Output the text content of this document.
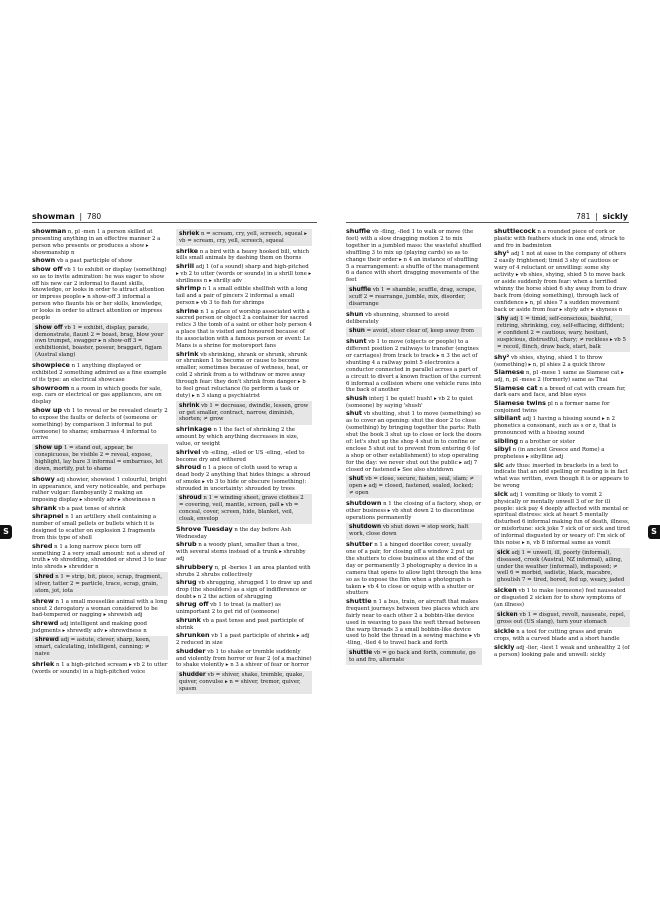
showman  |  780	781  |  sickly
showman n, pl -men 1 a person skilled at presenting anything in an effective manner 2 a person who presents or produces a show ▸ showmanship n
shown vb a past participle of show
show off vb 1 to exhibit or display (something) so as to invite admiration: he was eager to show off his new car 2 informal to flaunt skills, knowledge, or looks in order to attract attention or impress people ▸ n show-off 3 informal a person who flaunts his or her skills, knowledge, or looks in order to attract attention or impress people
show off vb 1 = exhibit, display, parade, demonstrate, flaunt 2 = boast, brag, blow your own trumpet, swagger ▸ n show-off 3 = exhibitionist, boaster, poseur, braggart, figjam (Austral slang)
showpiece n 1 anything displayed or exhibited 2 something admired as a fine example of its type: an electrical showcase
showroom n a room in which goods for sale, esp. cars or electrical or gas appliances, are on display
show up vb 1 to reveal or be revealed clearly 2 to expose the faults or defects of (someone or something) by comparison 3 informal to put (someone) to shame; embarrass 4 informal to arrive
show up 1 = stand out, appear, be conspicuous, be visible 2 = reveal, expose, highlight, lay bare 3 informal = embarrass, let down, mortify, put to shame
showy adj showier, showiest 1 colourful, bright in appearance, and very noticeable, and perhaps rather vulgar: flamboyantly 2 making an imposing display ▸ showily adv ▸ showiness n
shrank vb a past tense of shrink
shrapnel n 1 an artillery shell containing a number of small pellets or bullets which it is designed to scatter on explosion 2 fragments from this type of shell
shred n 1 a long narrow piece torn off something 2 a very small amount: not a shred of truth ▸ vb shredding, shredded or shred 3 to tear into shreds ▸ shredder n
shred n 1 = strip, bit, piece, scrap, fragment, sliver, tatter 2 = particle, trace, scrap, grain, atom, jot, iota
shrew n 1 a small mouselike animal with a long snout 2 derogatory a woman considered to be bad-tempered or nagging ▸ shrewish adj
shrewd adj intelligent and making good judgments ▸ shrewdly adv ▸ shrewdness n
shrewd adj = astute, clever, sharp, keen, smart, calculating, intelligent, cunning; ≠ naive
shriek n 1 a high-pitched scream ▸ vb 2 to utter (words or sounds) in a high-pitched voice
shriek n = scream, cry, yell, screech, squeal ▸ vb = scream, cry, yell, screech, squeal
shrike n a bird with a heavy hooked bill, which kills small animals by dashing them on thorns
shrill adj 1 (of a sound) sharp and high-pitched ▸ vb 2 to utter (words or sounds) in a shrill tone ▸ shrillness n ▸ shrilly adv
shrimp n 1 a small edible shellfish with a long tail and a pair of pincers 2 informal a small person ▸ vb 3 to fish for shrimps
shrine n 1 a place of worship associated with a sacred person or object 2 a container for sacred relics 3 the tomb of a saint or other holy person 4 a place that is visited and honoured because of its association with a famous person or event: Le Mans is a shrine for motorsport fans
shrink vb shrinking, shrank or shrunk, shrunk or shrunken 1 to become or cause to become smaller, sometimes because of wetness, heat, or cold 2 shrink from a to withdraw or move away through fear: they don't shrink from danger ▸ b to feel great reluctance (to perform a task or duty) ▸ n 3 slang a psychiatrist
shrink vb 1 = decrease, dwindle, lessen, grow or get smaller, contract, narrow, diminish, shorten; ≠ grow
shrinkage n 1 the fact of shrinking 2 the amount by which anything decreases in size, value, or weight
shrivel vb -elling, -elled or US -eling, -eled to become dry and withered
shroud n 1 a piece of cloth used to wrap a dead body 2 anything that hides things: a shroud of smoke ▸ vb 3 to hide or obscure (something): shrouded in uncertainty: shrouded by trees
shroud n 1 = winding sheet, grave clothes 2 = covering, veil, mantle, screen, pall ▸ vb = conceal, cover, screen, hide, blanket, veil, cloak, envelop
Shrove Tuesday n the day before Ash Wednesday
shrub n a woody plant, smaller than a tree, with several stems instead of a trunk ▸ shrubby adj
shrubbery n, pl -beries 1 an area planted with shrubs 2 shrubs collectively
shrug vb shrugging, shrugged 1 to draw up and drop (the shoulders) as a sign of indifference or doubt ▸ n 2 the action of shrugging
shrug off vb 1 to treat (a matter) as unimportant 2 to get rid of (someone)
shrunk vb a past tense and past participle of shrink
shrunken vb 1 a past participle of shrink ▸ adj 2 reduced in size
shudder vb 1 to shake or tremble suddenly and violently from horror or fear 2 (of a machine) to shake violently ▸ n 3 a shiver of fear or horror
shudder vb = shiver, shake, tremble, quake, quiver, convulse ▸ n = shiver, tremor, quiver, spasm
shuffle vb -fling, -fled 1 to walk or move (the feet) with a slow dragging motion 2 to mix together in a jumbled mass: the wasteful shuffled shuffling 3 to mix up (playing cards) so as to change their order ▸ n 4 an instance of shuffling 5 a rearrangement: a shuffle of the management 6 a dance with short dragging movements of the feet
shuffle vb 1 = shamble, scuffle, drag, scrape, scuff 2 = rearrange, jumble, mix, disorder, disarrange
shun vb shunning, shunned to avoid deliberately
shun = avoid, steer clear of, keep away from
shunt vb 1 to move (objects or people) to a different position 2 railways to transfer (engines or carriages) from track to track ▸ n 3 the act of shunting 4 a railway point 5 electronics a conductor connected in parallel across a part of a circuit to divert a known fraction of the current 6 informal a collision where one vehicle runs into the back of another
shush interj 1 be quiet! hush! ▸ vb 2 to quiet (someone) by saying 'shush'
shut vb shutting, shut 1 to move (something) so as to cover an opening: shut the door 2 to close (something) by bringing together the parts: Ruth shut the book 3 shut up to close or lock the doors of: let's shut up the shop 4 shut in to confine or enclose 5 shut out to prevent from entering 6 (of a shop or other establishment) to stop operating for the day: we never shut out the public ▸ adj 7 closed or fastened ▸ See also shutdown
shut vb = close, secure, fasten, seal, slam; ≠ open ▸ adj = closed, fastened, sealed, locked; ≠ open
shutdown n 1 the closing of a factory, shop, or other business ▸ vb shut down 2 to discontinue operations permanently
shutdown vb shut down = stop work, halt work, close down
shutter n 1 a hinged doorlike cover, usually one of a pair, for closing off a window 2 put up the shutters to close business at the end of the day or permanently 3 photography a device in a camera that opens to allow light through the lens so as to expose the film when a photograph is taken ▸ vb 4 to close or equip with a shutter or shutters
shuttle n 1 a bus, train, or aircraft that makes frequent journeys between two places which are fairly near to each other 2 a bobbin-like device used in weaving to pass the weft thread between the warp threads 3 a small bobbin-like device used to hold the thread in a sewing machine ▸ vb -tling, -tled 4 to travel back and forth
shuttle vb = go back and forth, commute, go to and fro, alternate
shuttlecock n a rounded piece of cork or plastic with feathers stuck in one end, struck to and fro in badminton
shy¹ adj 1 not at ease in the company of others 2 easily frightened; timid 3 shy of cautious or wary of 4 reluctant or unwilling: some shy activity ▸ vb shies, shying, shied 5 to move back or aside suddenly from fear: when a terrified whinny the horse shied 6 shy away from to draw back from (doing something), through lack of confidence ▸ n, pl shies 7 a sudden movement back or aside from fear ▸ shyly adv ▸ shyness n
shy adj 1 = timid, self-conscious, bashful, retiring, shrinking, coy, self-effacing, diffident; ≠ confident 2 = cautious, wary, hesitant, suspicious, distrustful, chary; ≠ reckless ▸ vb 5 = recoil, flinch, draw back, start, balk
shy² vb shies, shying, shied 1 to throw (something) ▸ n, pl shies 2 a quick throw
Siamese n, pl -mese 1 same as Siamese cat ▸ adj, n, pl -mese 2 (formerly) same as Thai
Siamese cat n a breed of cat with cream fur, dark ears and face, and blue eyes
Siamese twins pl n a former name for conjoined twins
sibilant adj 1 having a hissing sound ▸ n 2 phonetics a consonant, such as s or z, that is pronounced with a hissing sound
sibling n a brother or sister
sibyl n (in ancient Greece and Rome) a prophetess ▸ sibylline adj
sic adv thus: inserted in brackets in a text to indicate that an odd spelling or reading is in fact what was written, even though it is or appears to be wrong
sick adj 1 vomiting or likely to vomit 2 physically or mentally unwell 3 of or for ill people: sick pay 4 deeply affected with mental or spiritual distress: sick at heart 5 mentally disturbed 6 informal making fun of death, illness, or misfortune: sick joke 7 sick of or sick and tired of informal disgusted by or weary of: I'm sick of this noise ▸ n, vb 8 informal same as vomit
sick adj 1 = unwell, ill, poorly (informal), diseased, crook (Austral, NZ informal), ailing, under the weather (informal), indisposed; ≠ well 6 = morbid, sadistic, black, macabre, ghoulish 7 = tired, bored, fed up, weary, jaded
sicken vb 1 to make (someone) feel nauseated or disgusted 2 sicken for to show symptoms of (an illness)
sicken vb 1 = disgust, revolt, nauseate, repel, gross out (US slang), turn your stomach
sickle n a tool for cutting grass and grain crops, with a curved blade and a short handle
sickly adj -lier, -liest 1 weak and unhealthy 2 (of a person) looking pale and unwell: sickly
S	S
